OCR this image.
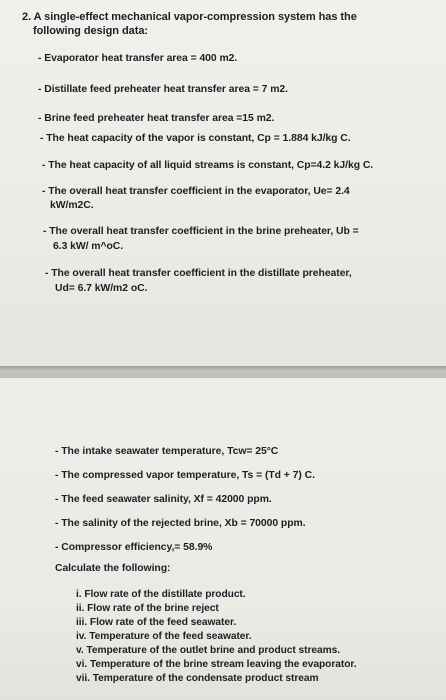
2. A single-effect mechanical vapor-compression system has the
following design data:
- Evaporator heat transfer area = 400 m2.
- Distillate feed preheater heat transfer area = 7 m2.
- Brine feed preheater heat transfer area =15 m2.
- The heat capacity of the vapor is constant, Cp = 1.884 kJ/kg C.
- The heat capacity of all liquid streams is constant, Cp=4.2 kJ/kg C.
- The overall heat transfer coefficient in the evaporator, Ue= 2.4
kW/m2C.
- The overall heat transfer coefficient in the brine preheater, Ub =
6.3 kW/ m^oC.
- The overall heat transfer coefficient in the distillate preheater,
Ud= 6.7 kW/m2 oC.
- The intake seawater temperature, Tcw= 25°C
- The compressed vapor temperature, Ts = (Td + 7) C.
- The feed seawater salinity, Xf = 42000 ppm.
- The salinity of the rejected brine, Xb = 70000 ppm.
- Compressor efficiency,= 58.9%
Calculate the following:
i. Flow rate of the distillate product.
ii. Flow rate of the brine reject
iii. Flow rate of the feed seawater.
iv. Temperature of the feed seawater.
v. Temperature of the outlet brine and product streams.
vi. Temperature of the brine stream leaving the evaporator.
vii. Temperature of the condensate product stream
